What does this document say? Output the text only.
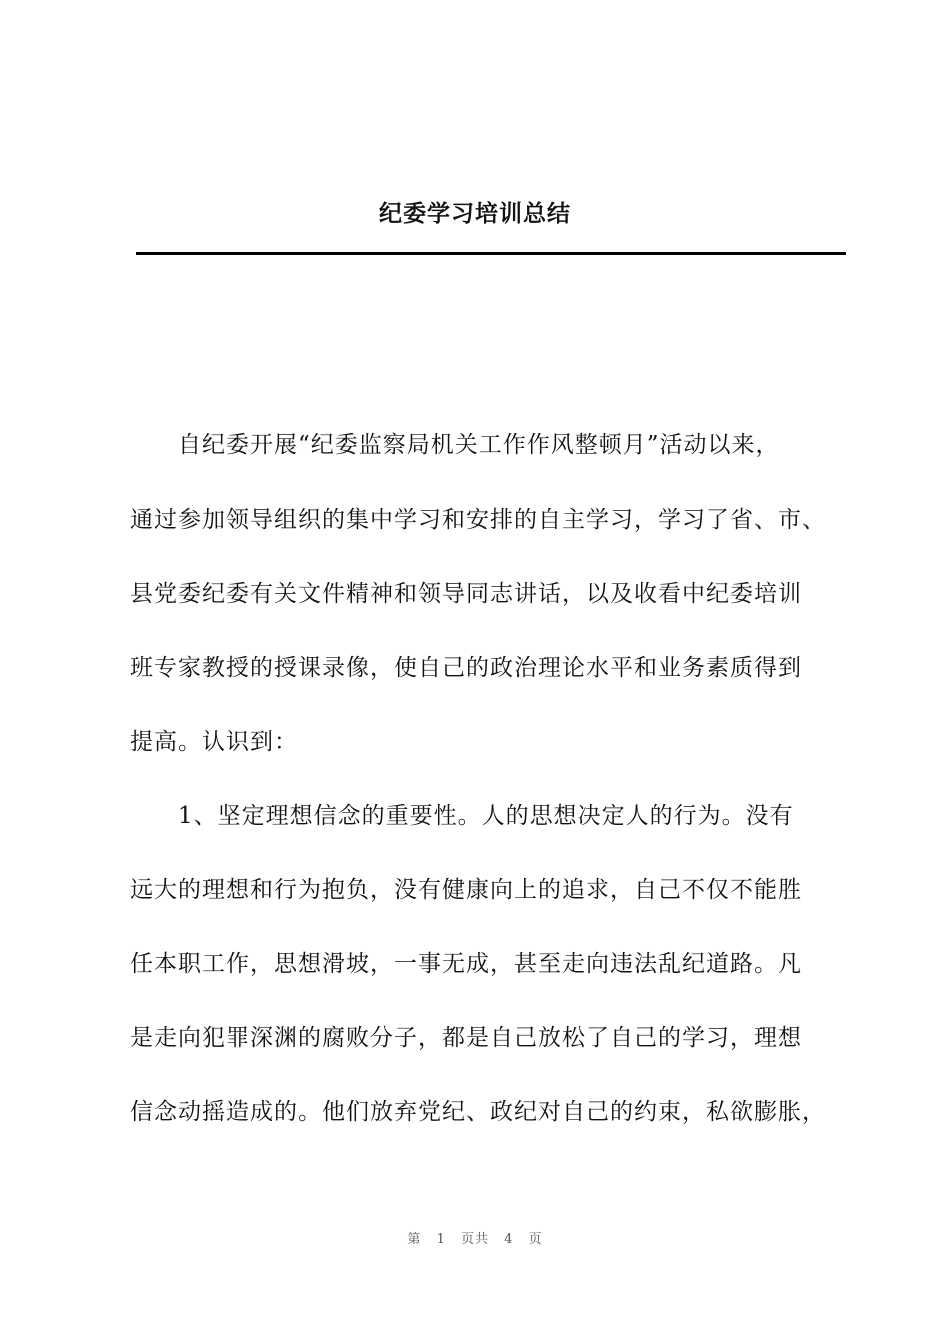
纪委学习培训总结
自纪委开展“纪委监察局机关工作作风整顿月”活动以来，
通过参加领导组织的集中学习和安排的自主学习，学习了省、市、
县党委纪委有关文件精神和领导同志讲话，以及收看中纪委培训
班专家教授的授课录像，使自己的政治理论水平和业务素质得到
提高。认识到：
1、坚定理想信念的重要性。人的思想决定人的行为。没有
远大的理想和行为抱负，没有健康向上的追求，自己不仅不能胜
任本职工作，思想滑坡，一事无成，甚至走向违法乱纪道路。凡
是走向犯罪深渊的腐败分子，都是自己放松了自己的学习，理想
信念动摇造成的。他们放弃党纪、政纪对自己的约束，私欲膨胀，
第 1 页共 4 页
